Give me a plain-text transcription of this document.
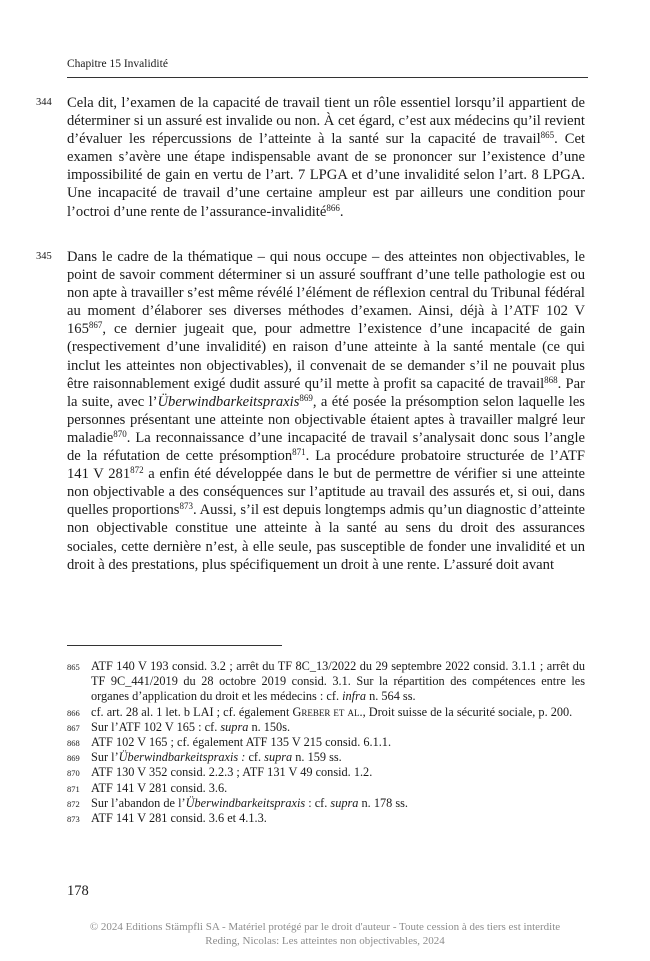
Chapitre 15 Invalidité
344 Cela dit, l’examen de la capacité de travail tient un rôle essentiel lorsqu’il appartient de déterminer si un assuré est invalide ou non. À cet égard, c’est aux médecins qu’il revient d’évaluer les répercussions de l’atteinte à la santé sur la capacité de travail$^{865}$. Cet examen s’avère une étape indispensable avant de se prononcer sur l’existence d’une impossibilité de gain en vertu de l’art. 7 LPGA et d’une invalidité selon l’art. 8 LPGA. Une incapacité de travail d’une certaine ampleur est par ailleurs une condition pour l’octroi d’une rente de l’assurance-invalidité$^{866}$.
345 Dans le cadre de la thématique – qui nous occupe – des atteintes non objectivables, le point de savoir comment déterminer si un assuré souffrant d’une telle pathologie est ou non apte à travailler s’est même révélé l’élément de réflexion central du Tribunal fédéral au moment d’élaborer ses diverses méthodes d’examen. Ainsi, déjà à l’ATF 102 V $165^{867}$, ce dernier jugeait que, pour admettre l’existence d’une incapacité de gain (respectivement d’une invalidité) en raison d’une atteinte à la santé mentale (ce qui inclut les atteintes non objectivables), il convenait de se demander s’il ne pouvait plus être raisonnablement exigé dudit assuré qu’il mette à profit sa capacité de travail$^{868}$. Par la suite, avec l’Überwindbarkeitspraxis$^{869}$, a été posée la présomption selon laquelle les personnes présentant une atteinte non objectivable étaient aptes à travailler malgré leur maladie$^{870}$. La reconnaissance d’une incapacité de travail s’analysait donc sous l’angle de la réfutation de cette présomption$^{871}$. La procédure probatoire structurée de l’ATF 141 V $281^{872}$ a enfin été développée dans le but de permettre de vérifier si une atteinte non objectivable a des conséquences sur l’aptitude au travail des assurés et, si oui, dans quelles proportions$^{873}$. Aussi, s’il est depuis longtemps admis qu’un diagnostic d’atteinte non objectivable constitue une atteinte à la santé au sens du droit des assurances sociales, cette dernière n’est, à elle seule, pas susceptible de fonder une invalidité et un droit à des prestations, plus spécifiquement un droit à une rente. L’assuré doit avant
865 ATF 140 V 193 consid. 3.2 ; arrêt du TF 8C_13/2022 du 29 septembre 2022 consid. 3.1.1 ; arrêt du TF 9C_441/2019 du 28 octobre 2019 consid. 3.1. Sur la répartition des compétences entre les organes d’application du droit et les médecins : cf. infra n. 564 ss.
866 cf. art. 28 al. 1 let. b LAI ; cf. également Greber et al., Droit suisse de la sécurité sociale, p. 200.
867 Sur l’ATF 102 V 165 : cf. supra n. 150s.
868 ATF 102 V 165 ; cf. également ATF 135 V 215 consid. 6.1.1.
869 Sur l’Überwindbarkeitspraxis : cf. supra n. 159 ss.
870 ATF 130 V 352 consid. 2.2.3 ; ATF 131 V 49 consid. 1.2.
871 ATF 141 V 281 consid. 3.6.
872 Sur l’abandon de l’Überwindbarkeitspraxis : cf. supra n. 178 ss.
873 ATF 141 V 281 consid. 3.6 et 4.1.3.
178
© 2024 Editions Stämpfli SA - Matériel protégé par le droit d'auteur - Toute cession à des tiers est interdite
Reding, Nicolas: Les atteintes non objectivables, 2024
